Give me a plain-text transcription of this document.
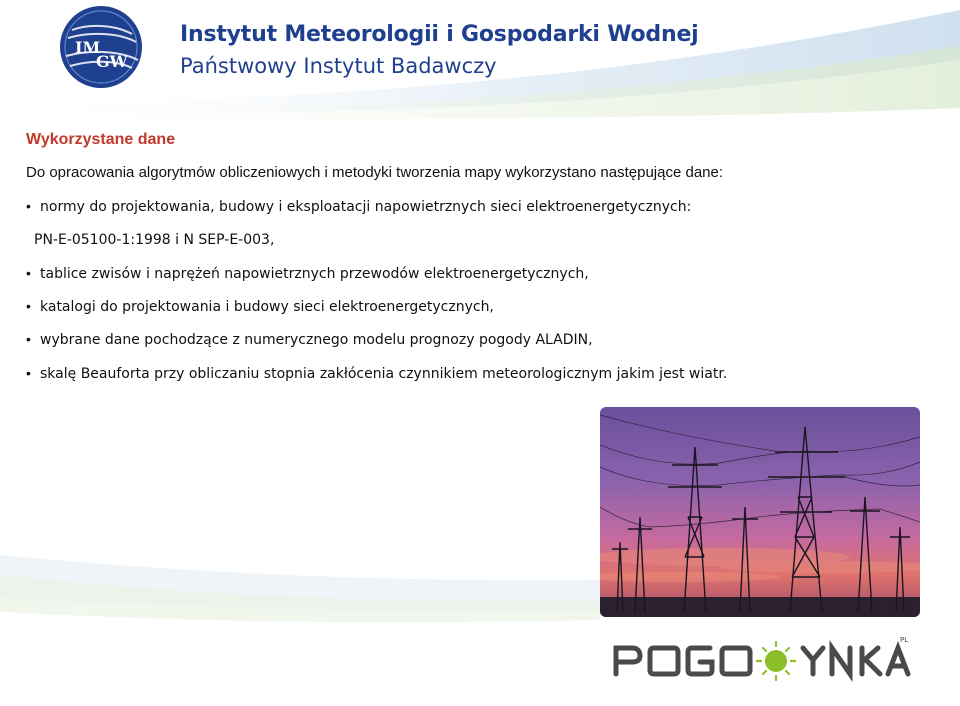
IM
GW
Instytut Meteorologii i Gospodarki Wodnej
Państwowy Instytut Badawczy
Wykorzystane dane
Do opracowania algorytmów obliczeniowych i metodyki tworzenia mapy wykorzystano następujące dane:
• normy do projektowania, budowy i eksploatacji napowietrznych sieci elektroenergetycznych:
PN-E-05100-1:1998 i N SEP-E-003,
• tablice zwisów i naprężeń napowietrznych przewodów elektroenergetycznych,
• katalogi do projektowania i budowy sieci elektroenergetycznych,
• wybrane dane pochodzące z numerycznego modelu prognozy pogody ALADIN,
• skalę Beauforta przy obliczaniu stopnia zakłócenia czynnikiem meteorologicznym jakim jest wiatr.
PL
